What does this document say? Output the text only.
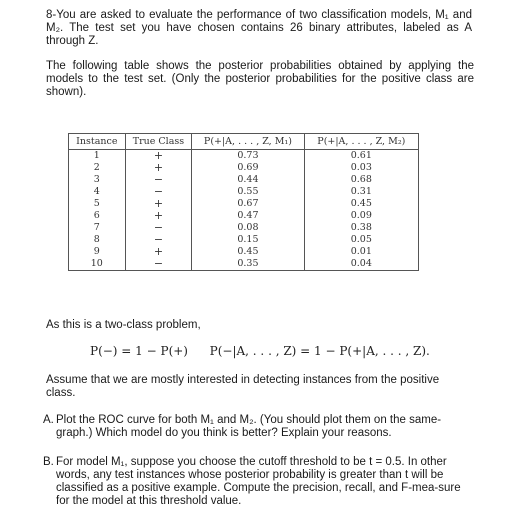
8-You are asked to evaluate the performance of two classification models, M₁ and M₂. The test set you have chosen contains 26 binary attributes, labeled as A through Z.

The following table shows the posterior probabilities obtained by applying the models to the test set. (Only the posterior probabilities for the positive class are shown).

Instance	True Class	P(+|A, . . . , Z, M₁)	P(+|A, . . . , Z, M₂)
1	+	0.73	0.61
2	+	0.69	0.03
3	−	0.44	0.68
4	−	0.55	0.31
5	+	0.67	0.45
6	+	0.47	0.09
7	−	0.08	0.38
8	−	0.15	0.05
9	+	0.45	0.01
10	−	0.35	0.04

As this is a two-class problem,

P(−) = 1 − P(+) P(−|A, . . . , Z) = 1 − P(+|A, . . . , Z).

Assume that we are mostly interested in detecting instances from the positive class.

A. Plot the ROC curve for both M₁ and M₂. (You should plot them on the same-graph.) Which model do you think is better? Explain your reasons.
B. For model M₁, suppose you choose the cutoff threshold to be t = 0.5. In other words, any test instances whose posterior probability is greater than t will be classified as a positive example. Compute the precision, recall, and F-mea-sure for the model at this threshold value.
